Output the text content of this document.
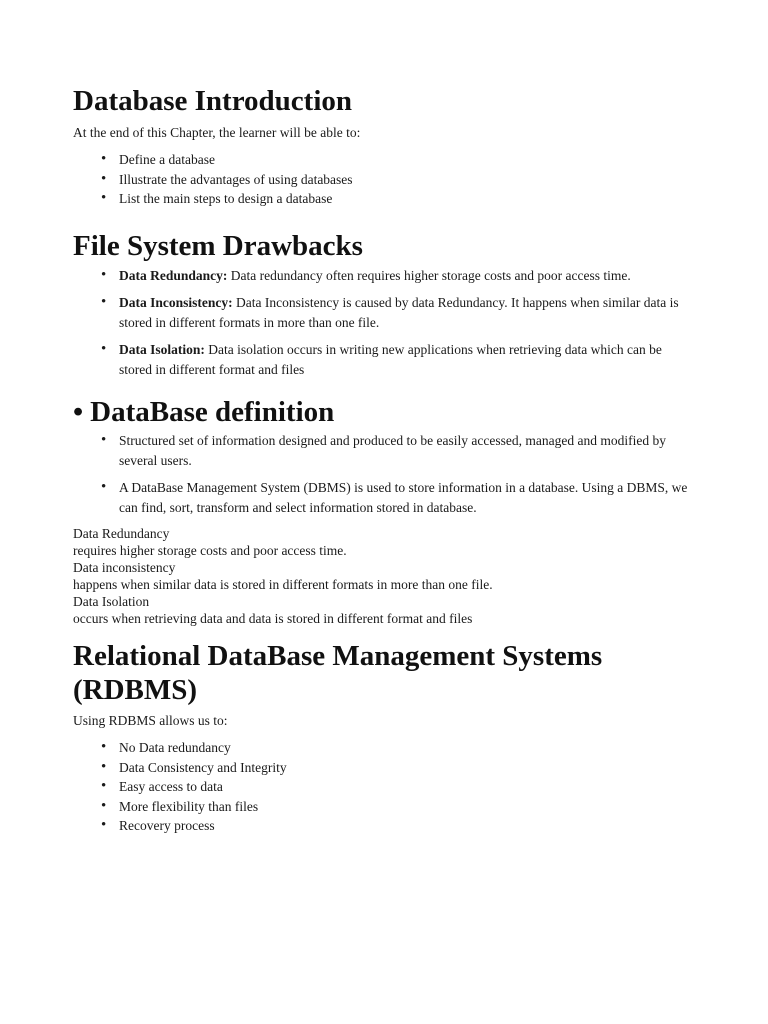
Database Introduction

At the end of this Chapter, the learner will be able to:

• Define a database
• Illustrate the advantages of using databases
• List the main steps to design a database
File System Drawbacks
• Data Redundancy: Data redundancy often requires higher storage costs and poor access time.
• Data Inconsistency: Data Inconsistency is caused by data Redundancy. It happens when similar data is stored in different formats in more than one file.
• Data Isolation: Data isolation occurs in writing new applications when retrieving data which can be stored in different format and files
• DataBase definition
• Structured set of information designed and produced to be easily accessed, managed and modified by several users.
• A DataBase Management System (DBMS) is used to store information in a database. Using a DBMS, we can find, sort, transform and select information stored in database.

Data Redundancy

requires higher storage costs and poor access time.

Data inconsistency

happens when similar data is stored in different formats in more than one file.

Data Isolation

occurs when retrieving data and data is stored in different format and files

Relational DataBase Management Systems (RDBMS)

Using RDBMS allows us to:

• No Data redundancy
• Data Consistency and Integrity
• Easy access to data
• More flexibility than files
• Recovery process
